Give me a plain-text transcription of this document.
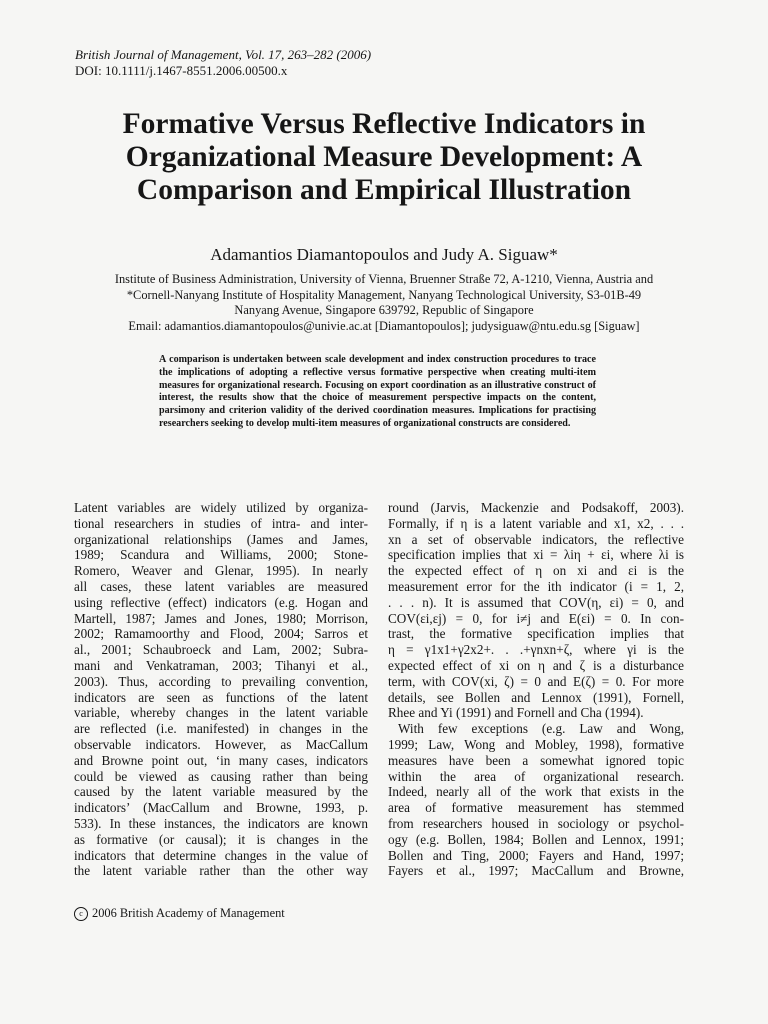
British Journal of Management, Vol. 17, 263–282 (2006)
DOI: 10.1111/j.1467-8551.2006.00500.x
Formative Versus Reflective Indicators in
Organizational Measure Development: A
Comparison and Empirical Illustration
Adamantios Diamantopoulos and Judy A. Siguaw*
Institute of Business Administration, University of Vienna, Bruenner Straße 72, A-1210, Vienna, Austria and
*Cornell-Nanyang Institute of Hospitality Management, Nanyang Technological University, S3-01B-49
Nanyang Avenue, Singapore 639792, Republic of Singapore
Email: adamantios.diamantopoulos@univie.ac.at [Diamantopoulos]; judysiguaw@ntu.edu.sg [Siguaw]
A comparison is undertaken between scale development and index construction procedures to trace the implications of adopting a reflective versus formative perspective when creating multi-item measures for organizational research. Focusing on export coordination as an illustrative construct of interest, the results show that the choice of measurement perspective impacts on the content, parsimony and criterion validity of the derived coordination measures. Implications for practising researchers seeking to develop multi-item measures of organizational constructs are considered.
Latent variables are widely utilized by organiza-
tional researchers in studies of intra- and inter-
organizational relationships (James and James,
1989; Scandura and Williams, 2000; Stone-
Romero, Weaver and Glenar, 1995). In nearly
all cases, these latent variables are measured
using reflective (effect) indicators (e.g. Hogan and
Martell, 1987; James and Jones, 1980; Morrison,
2002; Ramamoorthy and Flood, 2004; Sarros et
al., 2001; Schaubroeck and Lam, 2002; Subra-
mani and Venkatraman, 2003; Tihanyi et al.,
2003). Thus, according to prevailing convention,
indicators are seen as functions of the latent
variable, whereby changes in the latent variable
are reflected (i.e. manifested) in changes in the
observable indicators. However, as MacCallum
and Browne point out, ‘in many cases, indicators
could be viewed as causing rather than being
caused by the latent variable measured by the
indicators’ (MacCallum and Browne, 1993, p.
533). In these instances, the indicators are known
as formative (or causal); it is changes in the
indicators that determine changes in the value of
the latent variable rather than the other way
round (Jarvis, Mackenzie and Podsakoff, 2003).
Formally, if η is a latent variable and x1, x2, . . .
xn a set of observable indicators, the reflective
specification implies that xi = λiη + εi, where λi is
the expected effect of η on xi and εi is the
measurement error for the ith indicator (i = 1, 2,
. . . n). It is assumed that COV(η, εi) = 0, and
COV(εi,εj) = 0, for i≠j and E(εi) = 0. In con-
trast, the formative specification implies that
η = γ1x1+γ2x2+. . .+γnxn+ζ, where γi is the
expected effect of xi on η and ζ is a disturbance
term, with COV(xi, ζ) = 0 and E(ζ) = 0. For more
details, see Bollen and Lennox (1991), Fornell,
Rhee and Yi (1991) and Fornell and Cha (1994).
With few exceptions (e.g. Law and Wong,
1999; Law, Wong and Mobley, 1998), formative
measures have been a somewhat ignored topic
within the area of organizational research.
Indeed, nearly all of the work that exists in the
area of formative measurement has stemmed
from researchers housed in sociology or psychol-
ogy (e.g. Bollen, 1984; Bollen and Lennox, 1991;
Bollen and Ting, 2000; Fayers and Hand, 1997;
Fayers et al., 1997; MacCallum and Browne,
c 2006 British Academy of Management
